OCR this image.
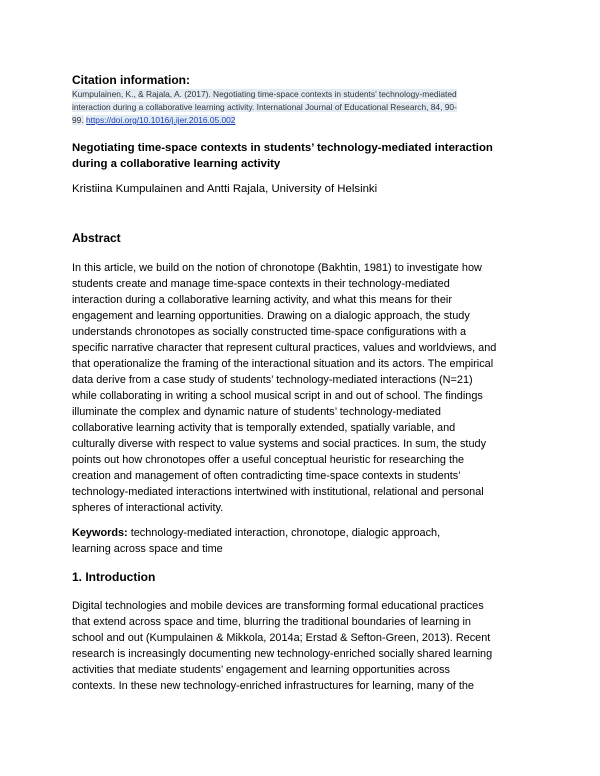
Citation information:
Kumpulainen, K., & Rajala, A. (2017). Negotiating time-space contexts in students’ technology-mediated
interaction during a collaborative learning activity. International Journal of Educational Research, 84, 90-
99. https://doi.org/10.1016/j.ijer.2016.05.002
Negotiating time-space contexts in students’ technology-mediated interaction
during a collaborative learning activity
Kristiina Kumpulainen and Antti Rajala, University of Helsinki
Abstract
In this article, we build on the notion of chronotope (Bakhtin, 1981) to investigate how
students create and manage time-space contexts in their technology-mediated
interaction during a collaborative learning activity, and what this means for their
engagement and learning opportunities. Drawing on a dialogic approach, the study
understands chronotopes as socially constructed time-space configurations with a
specific narrative character that represent cultural practices, values and worldviews, and
that operationalize the framing of the interactional situation and its actors. The empirical
data derive from a case study of students’ technology-mediated interactions (N=21)
while collaborating in writing a school musical script in and out of school. The findings
illuminate the complex and dynamic nature of students’ technology-mediated
collaborative learning activity that is temporally extended, spatially variable, and
culturally diverse with respect to value systems and social practices. In sum, the study
points out how chronotopes offer a useful conceptual heuristic for researching the
creation and management of often contradicting time-space contexts in students’
technology-mediated interactions intertwined with institutional, relational and personal
spheres of interactional activity.
Keywords: technology-mediated interaction, chronotope, dialogic approach,
learning across space and time
1. Introduction
Digital technologies and mobile devices are transforming formal educational practices
that extend across space and time, blurring the traditional boundaries of learning in
school and out (Kumpulainen & Mikkola, 2014a; Erstad & Sefton-Green, 2013). Recent
research is increasingly documenting new technology-enriched socially shared learning
activities that mediate students’ engagement and learning opportunities across
contexts. In these new technology-enriched infrastructures for learning, many of the
